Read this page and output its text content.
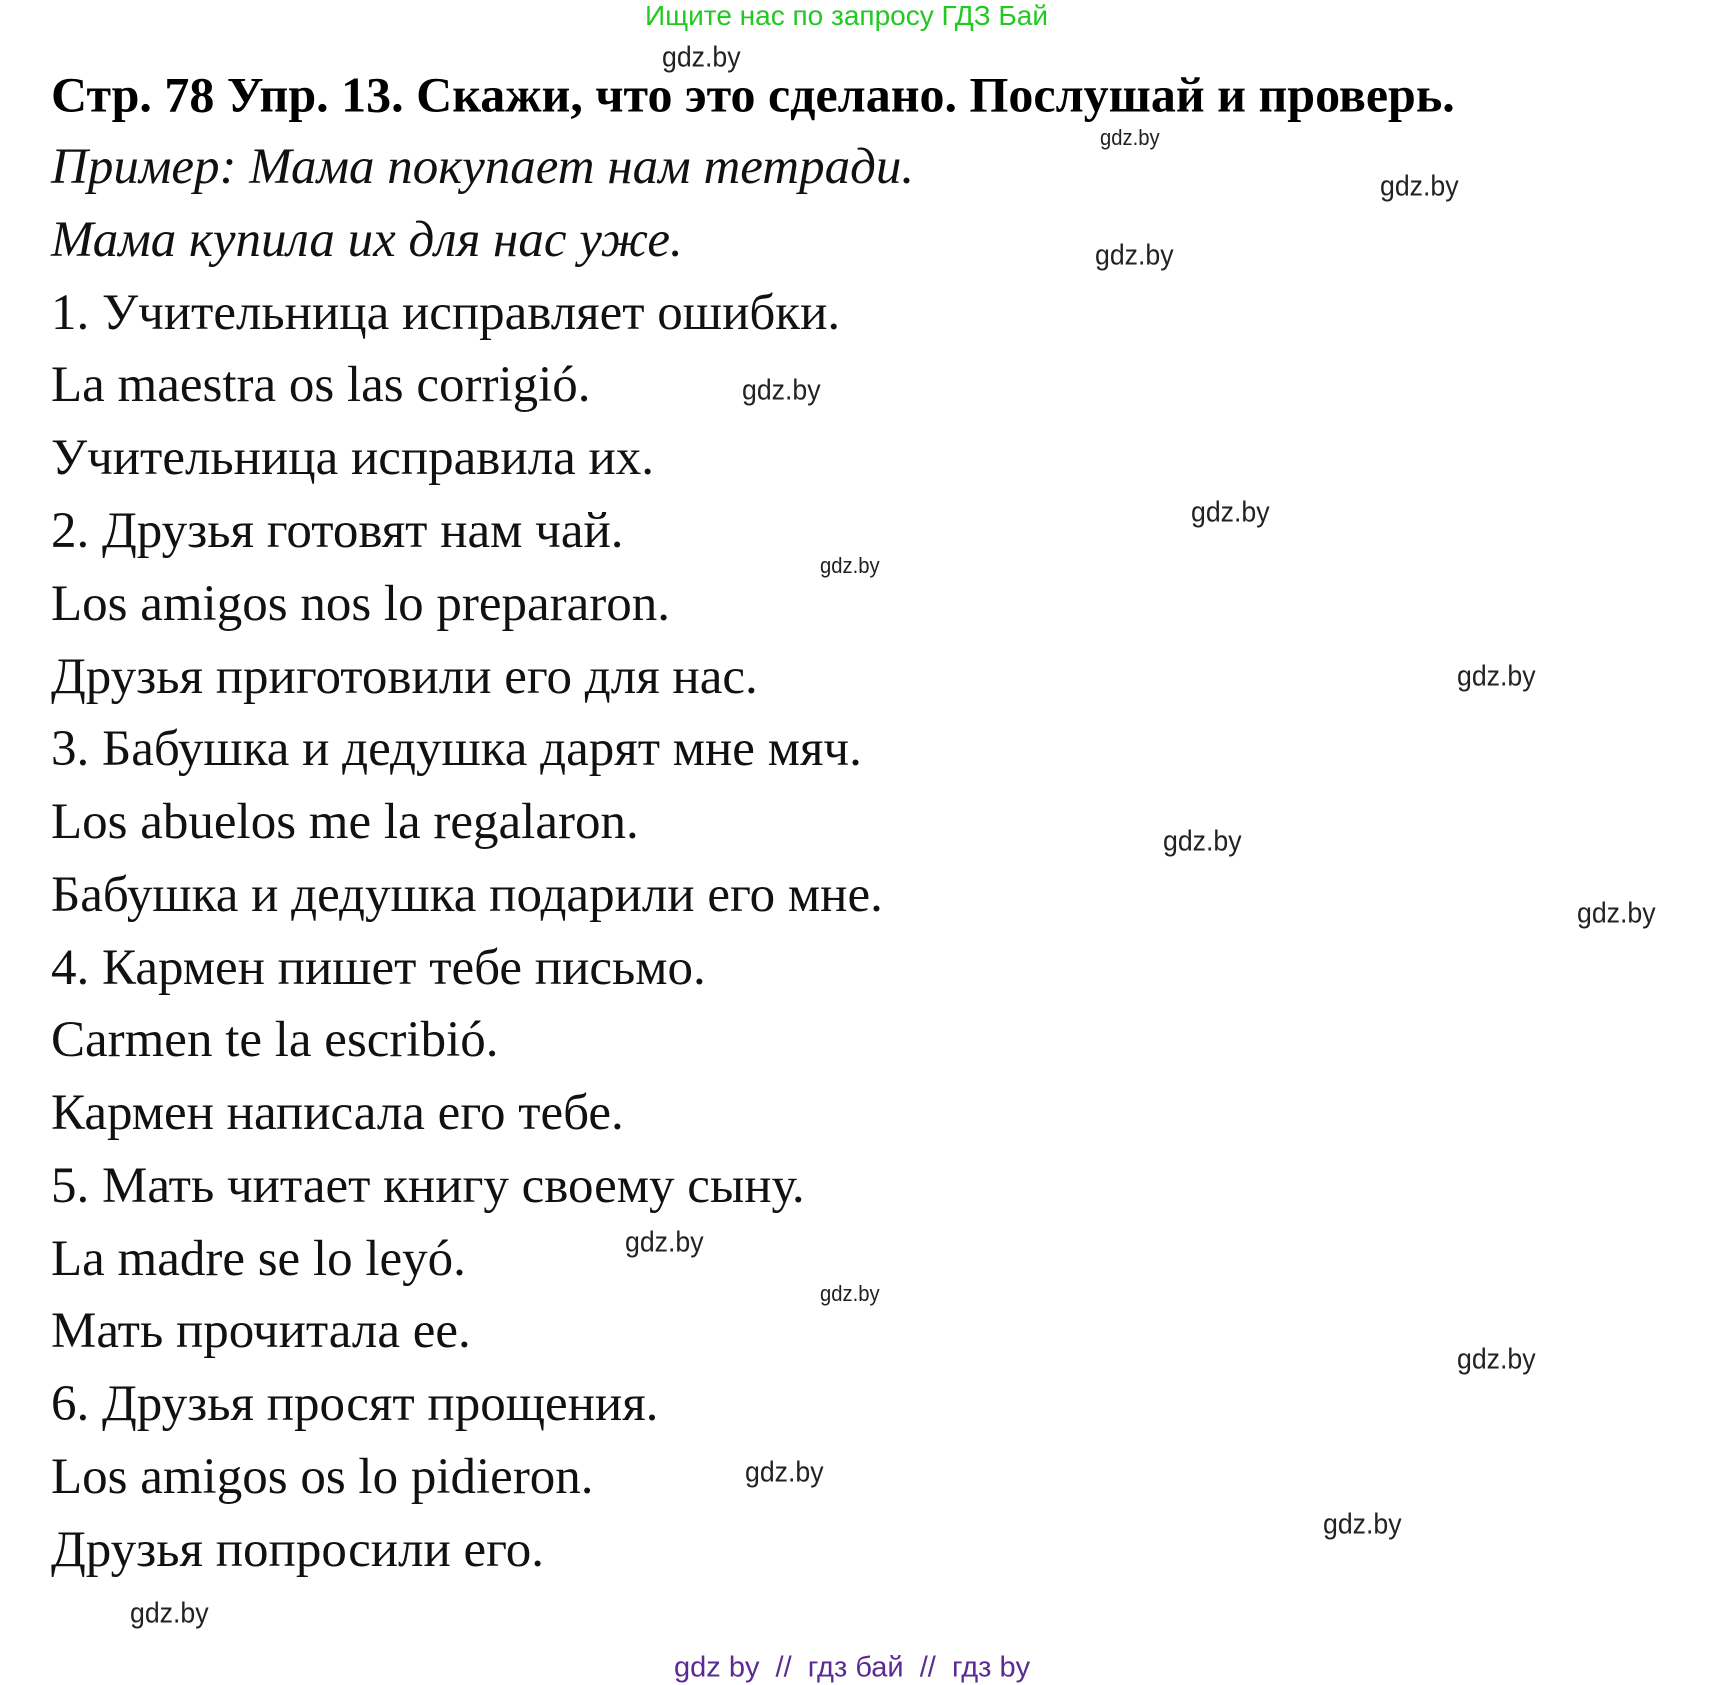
Ищите нас по запросу ГДЗ Бай
Стр. 78 Упр. 13. Скажи, что это сделано. Послушай и проверь.
Пример: Мама покупает нам тетради.
Мама купила их для нас уже.
1. Учительница исправляет ошибки.
La maestra os las corrigió.
Учительница исправила их.
2. Друзья готовят нам чай.
Los amigos nos lo prepararon.
Друзья приготовили его для нас.
3. Бабушка и дедушка дарят мне мяч.
Los abuelos me la regalaron.
Бабушка и дедушка подарили его мне.
4. Кармен пишет тебе письмо.
Carmen te la escribió.
Кармен написала его тебе.
5. Мать читает книгу своему сыну.
La madre se lo leyó.
Мать прочитала ее.
6. Друзья просят прощения.
Los amigos os lo pidieron.
Друзья попросили его.
gdz.by
gdz.by
gdz.by
gdz.by
gdz.by
gdz.by
gdz.by
gdz.by
gdz.by
gdz.by
gdz.by
gdz.by
gdz.by
gdz.by
gdz.by
gdz.by
gdz by  //  гдз бай  //  гдз by
